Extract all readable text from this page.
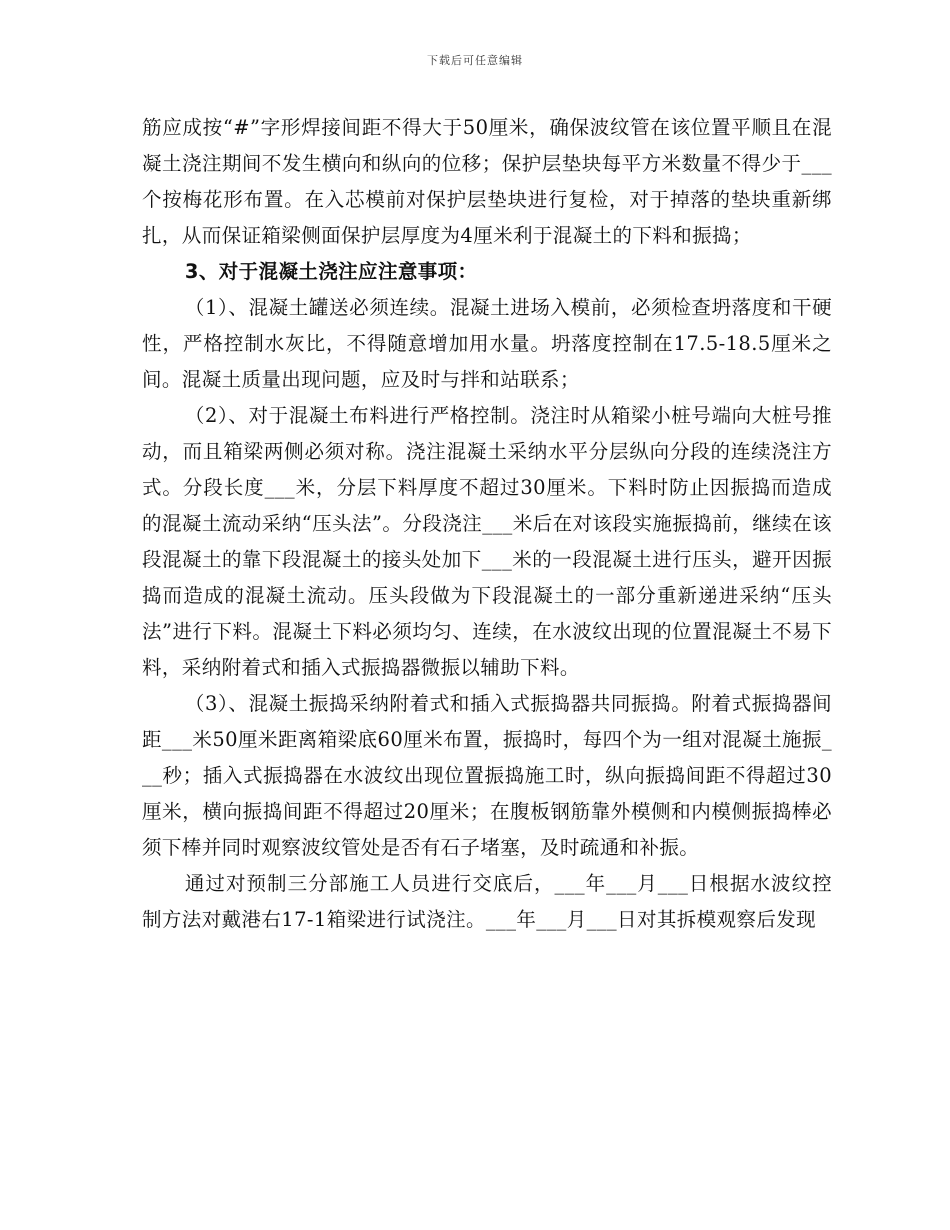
下载后可任意编辑

筋应成按“#”字形焊接间距不得大于50厘米，确保波纹管在该位置平顺且在混凝土浇注期间不发生横向和纵向的位移；保护层垫块每平方米数量不得少于___个按梅花形布置。在入芯模前对保护层垫块进行复检，对于掉落的垫块重新绑扎，从而保证箱梁侧面保护层厚度为4厘米利于混凝土的下料和振捣；

3、对于混凝土浇注应注意事项：

（1）、混凝土罐送必须连续。混凝土进场入模前，必须检查坍落度和干硬性，严格控制水灰比，不得随意增加用水量。坍落度控制在17.5-18.5厘米之间。混凝土质量出现问题，应及时与拌和站联系；

（2）、对于混凝土布料进行严格控制。浇注时从箱梁小桩号端向大桩号推动，而且箱梁两侧必须对称。浇注混凝土采纳水平分层纵向分段的连续浇注方式。分段长度___米，分层下料厚度不超过30厘米。下料时防止因振捣而造成的混凝土流动采纳“压头法”。分段浇注___米后在对该段实施振捣前，继续在该段混凝土的靠下段混凝土的接头处加下___米的一段混凝土进行压头，避开因振捣而造成的混凝土流动。压头段做为下段混凝土的一部分重新递进采纳“压头法”进行下料。混凝土下料必须均匀、连续，在水波纹出现的位置混凝土不易下料，采纳附着式和插入式振捣器微振以辅助下料。

（3）、混凝土振捣采纳附着式和插入式振捣器共同振捣。附着式振捣器间距___米50厘米距离箱梁底60厘米布置，振捣时，每四个为一组对混凝土施振___秒；插入式振捣器在水波纹出现位置振捣施工时，纵向振捣间距不得超过30厘米，横向振捣间距不得超过20厘米；在腹板钢筋靠外模侧和内模侧振捣棒必须下棒并同时观察波纹管处是否有石子堵塞，及时疏通和补振。

通过对预制三分部施工人员进行交底后，___年___月___日根据水波纹控制方法对戴港右17-1箱梁进行试浇注。___年___月___日对其拆模观察后发现
